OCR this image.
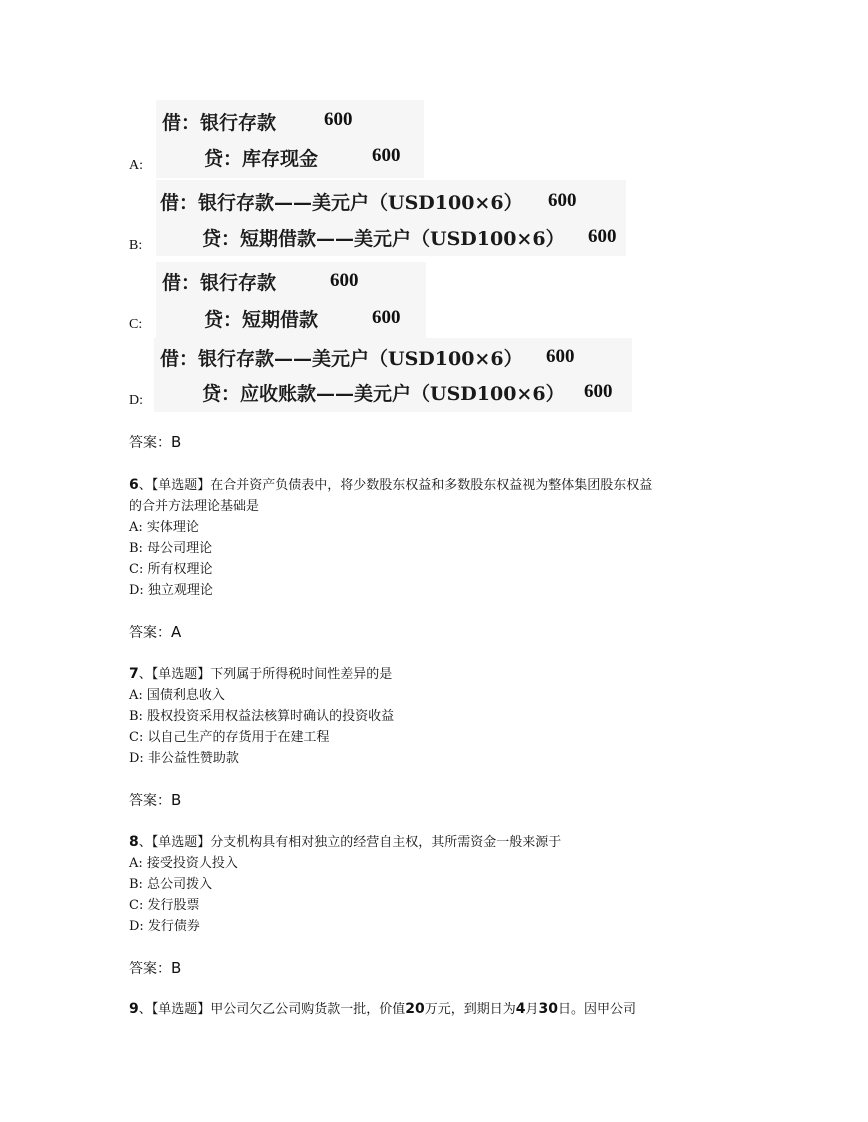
借：银行存款	600
贷：库存现金	600
A:
借：银行存款——美元户（USD100×6） 600
贷：短期借款——美元户（USD100×6） 600
B:
借：银行存款	600
贷：短期借款	600
C:
借：银行存款——美元户（USD100×6） 600
贷：应收账款——美元户（USD100×6） 600
D:
答案：B
6、【单选题】在合并资产负债表中，将少数股东权益和多数股东权益视为整体集团股东权益
的合并方法理论基础是
A: 实体理论
B: 母公司理论
C: 所有权理论
D: 独立观理论
答案：A
7、【单选题】下列属于所得税时间性差异的是
A: 国债利息收入
B: 股权投资采用权益法核算时确认的投资收益
C: 以自己生产的存货用于在建工程
D: 非公益性赞助款
答案：B
8、【单选题】分支机构具有相对独立的经营自主权，其所需资金一般来源于
A: 接受投资人投入
B: 总公司拨入
C: 发行股票
D: 发行债券
答案：B
9、【单选题】甲公司欠乙公司购货款一批，价值20万元，到期日为4月30日。因甲公司
